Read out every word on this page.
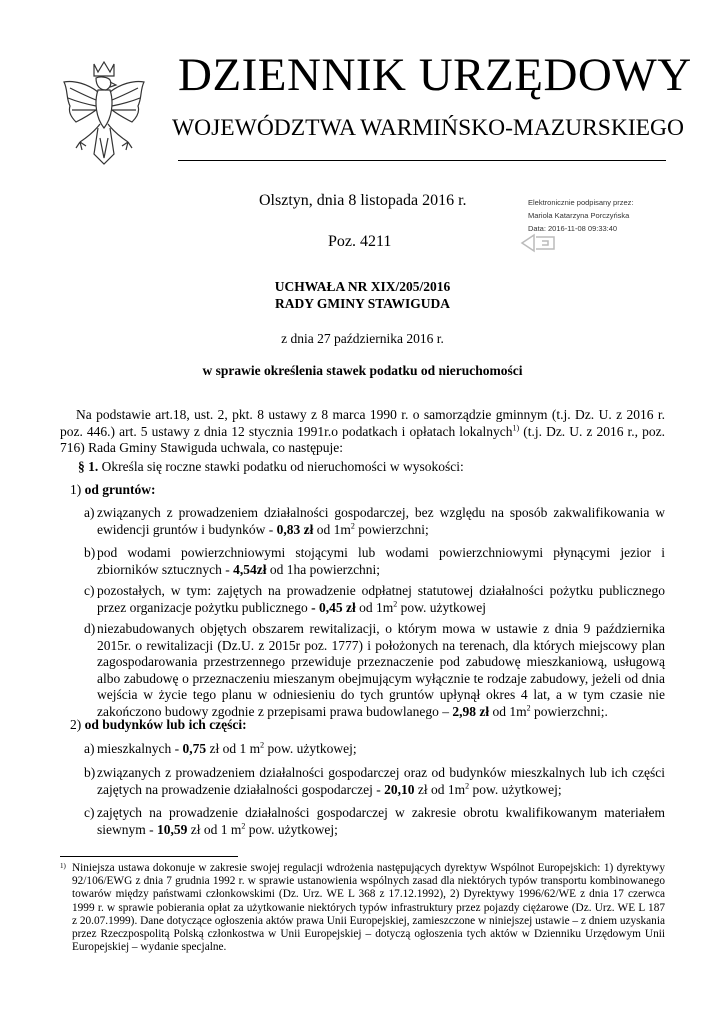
DZIENNIK URZĘDOWY
WOJEWÓDZTWA WARMIŃSKO-MAZURSKIEGO
Olsztyn, dnia 8 listopada 2016 r.
Poz. 4211
Elektronicznie podpisany przez:
Mariola Katarzyna Porczyńska
Data: 2016-11-08 09:33:40
UCHWAŁA NR XIX/205/2016
RADY GMINY STAWIGUDA
z dnia 27 października 2016 r.
w sprawie określenia stawek podatku od nieruchomości

Na podstawie art.18, ust. 2, pkt. 8 ustawy z 8 marca 1990 r. o samorządzie gminnym (t.j. Dz. U. z 2016 r. poz. 446.) art. 5 ustawy z dnia 12 stycznia 1991r.o podatkach i opłatach lokalnych$^{1)}$ (t.j. Dz. U. z 2016 r., poz. 716) Rada Gminy Stawiguda uchwala, co następuje:

§ 1. Określa się roczne stawki podatku od nieruchomości w wysokości:
1) od gruntów:
a) związanych z prowadzeniem działalności gospodarczej, bez względu na sposób zakwalifikowania w ewidencji gruntów i budynków - 0,83 zł od $1m^2$ powierzchni;
b) pod wodami powierzchniowymi stojącymi lub wodami powierzchniowymi płynącymi jezior i zbiorników sztucznych - 4,54zł od 1ha powierzchni;
c) pozostałych, w tym: zajętych na prowadzenie odpłatnej statutowej działalności pożytku publicznego przez organizacje pożytku publicznego - 0,45 zł od $1m^2$ pow. użytkowej
d) niezabudowanych objętych obszarem rewitalizacji, o którym mowa w ustawie z dnia 9 października 2015r. o rewitalizacji (Dz.U. z 2015r poz. 1777) i położonych na terenach, dla których miejscowy plan zagospodarowania przestrzennego przewiduje przeznaczenie pod zabudowę mieszkaniową, usługową albo zabudowę o przeznaczeniu mieszanym obejmującym wyłącznie te rodzaje zabudowy, jeżeli od dnia wejścia w życie tego planu w odniesieniu do tych gruntów upłynął okres 4 lat, a w tym czasie nie zakończono budowy zgodnie z przepisami prawa budowlanego – 2,98 zł od $1m^2$ powierzchni;.
2) od budynków lub ich części:
a) mieszkalnych - 0,75 zł od 1 $m^2$ pow. użytkowej;
b) związanych z prowadzeniem działalności gospodarczej oraz od budynków mieszkalnych lub ich części zajętych na prowadzenie działalności gospodarczej - 20,10 zł od $1m^2$ pow. użytkowej;
c) zajętych na prowadzenie działalności gospodarczej w zakresie obrotu kwalifikowanym materiałem siewnym - 10,59 zł od 1 $m^2$ pow. użytkowej;
1) Niniejsza ustawa dokonuje w zakresie swojej regulacji wdrożenia następujących dyrektyw Wspólnot Europejskich: 1) dyrektywy 92/106/EWG z dnia 7 grudnia 1992 r. w sprawie ustanowienia wspólnych zasad dla niektórych typów transportu kombinowanego towarów między państwami członkowskimi (Dz. Urz. WE L 368 z 17.12.1992), 2) Dyrektywy 1996/62/WE z dnia 17 czerwca 1999 r. w sprawie pobierania opłat za użytkowanie niektórych typów infrastruktury przez pojazdy ciężarowe (Dz. Urz. WE L 187 z 20.07.1999). Dane dotyczące ogłoszenia aktów prawa Unii Europejskiej, zamieszczone w niniejszej ustawie – z dniem uzyskania przez Rzeczpospolitą Polską członkostwa w Unii Europejskiej – dotyczą ogłoszenia tych aktów w Dzienniku Urzędowym Unii Europejskiej – wydanie specjalne.
